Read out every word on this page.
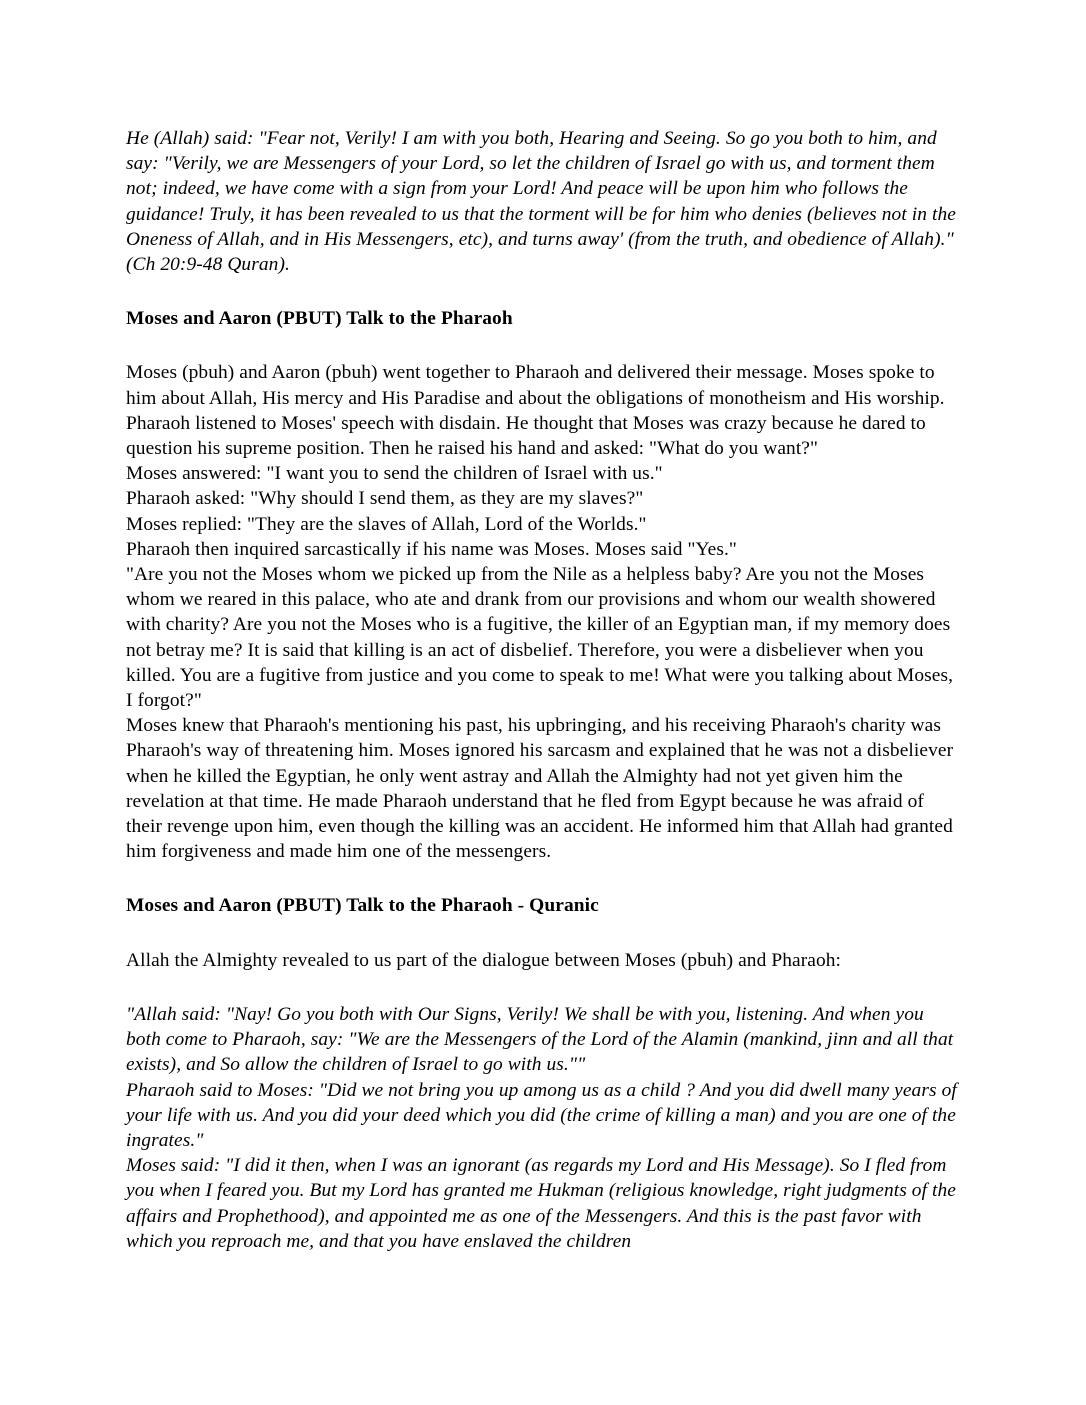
He (Allah) said: "Fear not, Verily! I am with you both, Hearing and Seeing. So go you both to him, and say: "Verily, we are Messengers of your Lord, so let the children of Israel go with us, and torment them not; indeed, we have come with a sign from your Lord! And peace will be upon him who follows the guidance! Truly, it has been revealed to us that the torment will be for him who denies (believes not in the Oneness of Allah, and in His Messengers, etc), and turns away' (from the truth, and obedience of Allah)." (Ch 20:9-48 Quran).

Moses and Aaron (PBUT) Talk to the Pharaoh

Moses (pbuh) and Aaron (pbuh) went together to Pharaoh and delivered their message. Moses spoke to him about Allah, His mercy and His Paradise and about the obligations of monotheism and His worship.

Pharaoh listened to Moses' speech with disdain. He thought that Moses was crazy because he dared to question his supreme position. Then he raised his hand and asked: "What do you want?"

Moses answered: "I want you to send the children of Israel with us."

Pharaoh asked: "Why should I send them, as they are my slaves?"

Moses replied: "They are the slaves of Allah, Lord of the Worlds."

Pharaoh then inquired sarcastically if his name was Moses. Moses said "Yes."

"Are you not the Moses whom we picked up from the Nile as a helpless baby? Are you not the Moses whom we reared in this palace, who ate and drank from our provisions and whom our wealth showered with charity? Are you not the Moses who is a fugitive, the killer of an Egyptian man, if my memory does not betray me? It is said that killing is an act of disbelief. Therefore, you were a disbeliever when you killed. You are a fugitive from justice and you come to speak to me! What were you talking about Moses, I forgot?"

Moses knew that Pharaoh's mentioning his past, his upbringing, and his receiving Pharaoh's charity was Pharaoh's way of threatening him. Moses ignored his sarcasm and explained that he was not a disbeliever when he killed the Egyptian, he only went astray and Allah the Almighty had not yet given him the revelation at that time. He made Pharaoh understand that he fled from Egypt because he was afraid of their revenge upon him, even though the killing was an accident. He informed him that Allah had granted him forgiveness and made him one of the messengers.

Moses and Aaron (PBUT) Talk to the Pharaoh - Quranic

Allah the Almighty revealed to us part of the dialogue between Moses (pbuh) and Pharaoh:

"Allah said: "Nay! Go you both with Our Signs, Verily! We shall be with you, listening. And when you both come to Pharaoh, say: "We are the Messengers of the Lord of the Alamin (mankind, jinn and all that exists), and So allow the children of Israel to go with us.""

Pharaoh said to Moses: "Did we not bring you up among us as a child ? And you did dwell many years of your life with us. And you did your deed which you did (the crime of killing a man) and you are one of the ingrates."

Moses said: "I did it then, when I was an ignorant (as regards my Lord and His Message). So I fled from you when I feared you. But my Lord has granted me Hukman (religious knowledge, right judgments of the affairs and Prophethood), and appointed me as one of the Messengers. And this is the past favor with which you reproach me, and that you have enslaved the children
